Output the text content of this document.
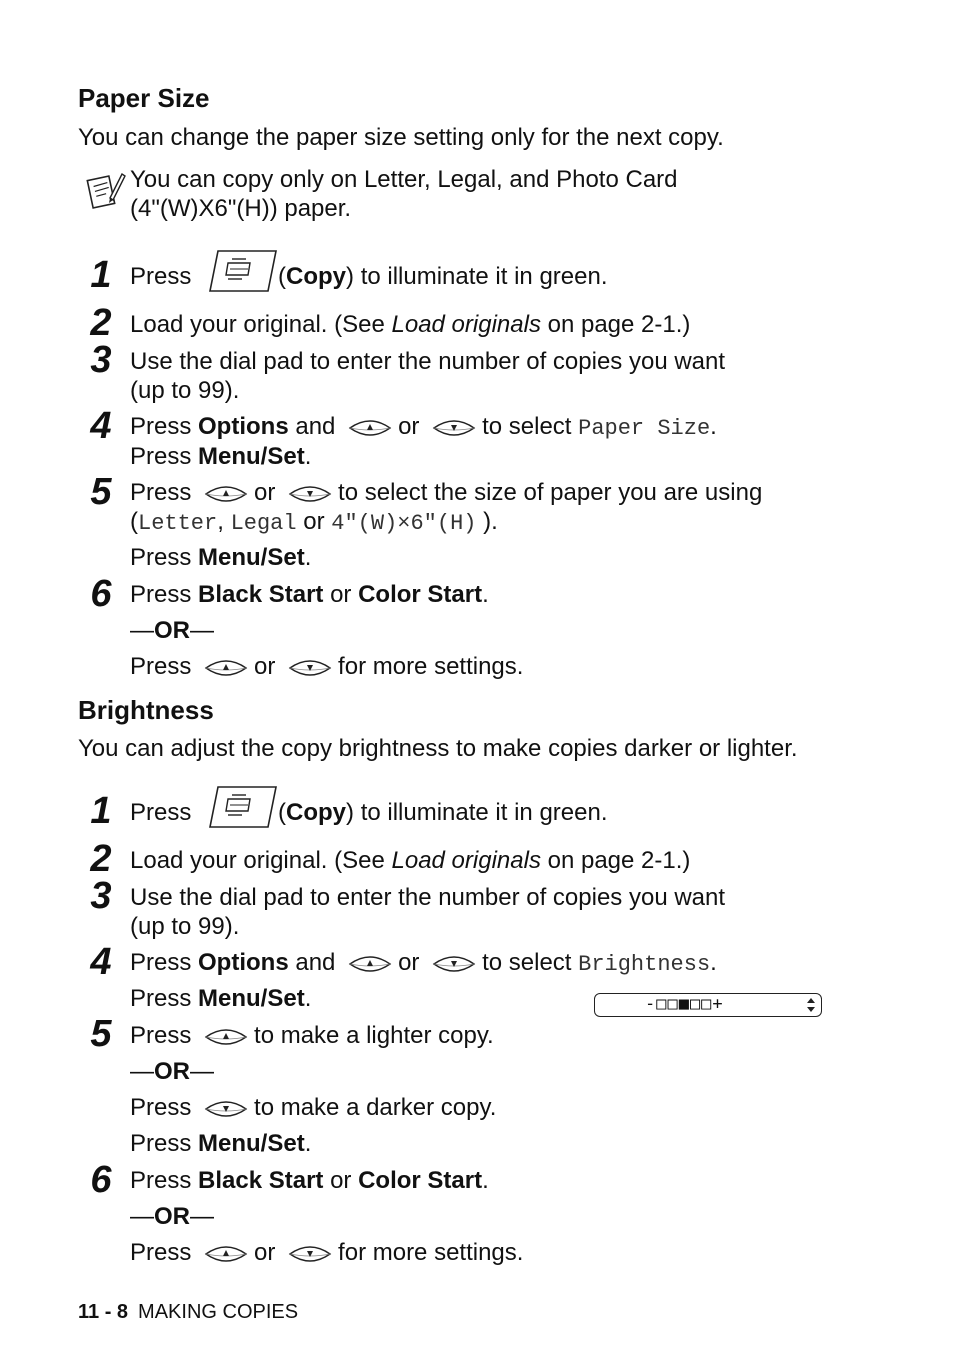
Paper Size
You can change the paper size setting only for the next copy.
You can copy only on Letter, Legal, and Photo Card
(4"(W)X6"(H)) paper.
1 Press	(Copy) to illuminate it in green.
2 Load your original. (See Load originals on page 2-1.)
3 Use the dial pad to enter the number of copies you want
(up to 99).
4 Press Options and	or	to select Paper Size.
Press Menu/Set.
5 Press	or	to select the size of paper you are using
(Letter, Legal or 4"(W)×6"(H) ).
Press Menu/Set.
6 Press Black Start or Color Start.
—OR—
Press	or	for more settings.
Brightness
You can adjust the copy brightness to make copies darker or lighter.
1 Press	(Copy) to illuminate it in green.
2 Load your original. (See Load originals on page 2-1.)
3 Use the dial pad to enter the number of copies you want
(up to 99).
4 Press Options and	or	to select Brightness.
Press Menu/Set.	-□□■□□+
5 Press	to make a lighter copy.
—OR—
Press	to make a darker copy.
Press Menu/Set.
6 Press Black Start or Color Start.
—OR—
Press	or	for more settings.
11 - 8 MAKING COPIES
